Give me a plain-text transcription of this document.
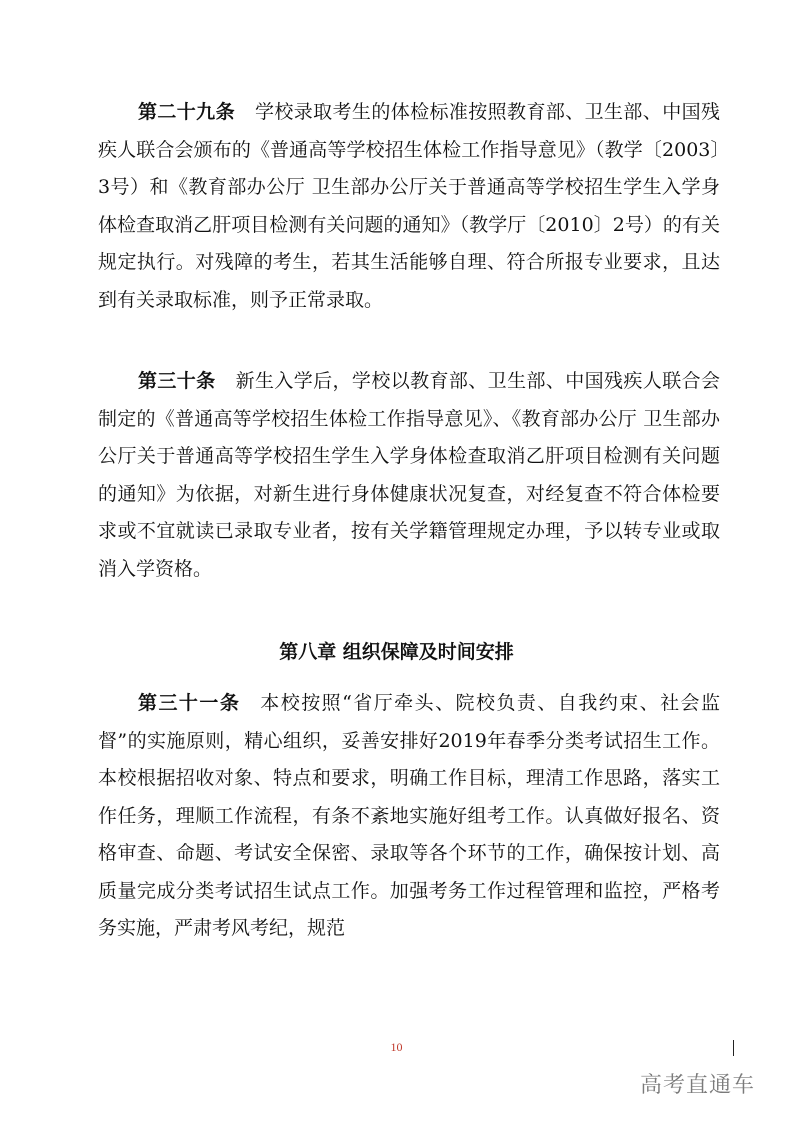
第二十九条 学校录取考生的体检标准按照教育部、卫生部、中国残疾人联合会颁布的《普通高等学校招生体检工作指导意见》（教学〔2003〕3号）和《教育部办公厅 卫生部办公厅关于普通高等学校招生学生入学身体检查取消乙肝项目检测有关问题的通知》（教学厅〔2010〕2号）的有关规定执行。对残障的考生，若其生活能够自理、符合所报专业要求，且达到有关录取标准，则予正常录取。

第三十条 新生入学后，学校以教育部、卫生部、中国残疾人联合会制定的《普通高等学校招生体检工作指导意见》、《教育部办公厅 卫生部办公厅关于普通高等学校招生学生入学身体检查取消乙肝项目检测有关问题的通知》为依据，对新生进行身体健康状况复查，对经复查不符合体检要求或不宜就读已录取专业者，按有关学籍管理规定办理，予以转专业或取消入学资格。

第八章 组织保障及时间安排

第三十一条 本校按照“省厅牵头、院校负责、自我约束、社会监督”的实施原则，精心组织，妥善安排好2019年春季分类考试招生工作。本校根据招收对象、特点和要求，明确工作目标，理清工作思路，落实工作任务，理顺工作流程，有条不紊地实施好组考工作。认真做好报名、资格审查、命题、考试安全保密、录取等各个环节的工作，确保按计划、高质量完成分类考试招生试点工作。加强考务工作过程管理和监控，严格考务实施，严肃考风考纪，规范

10
高考直通车
